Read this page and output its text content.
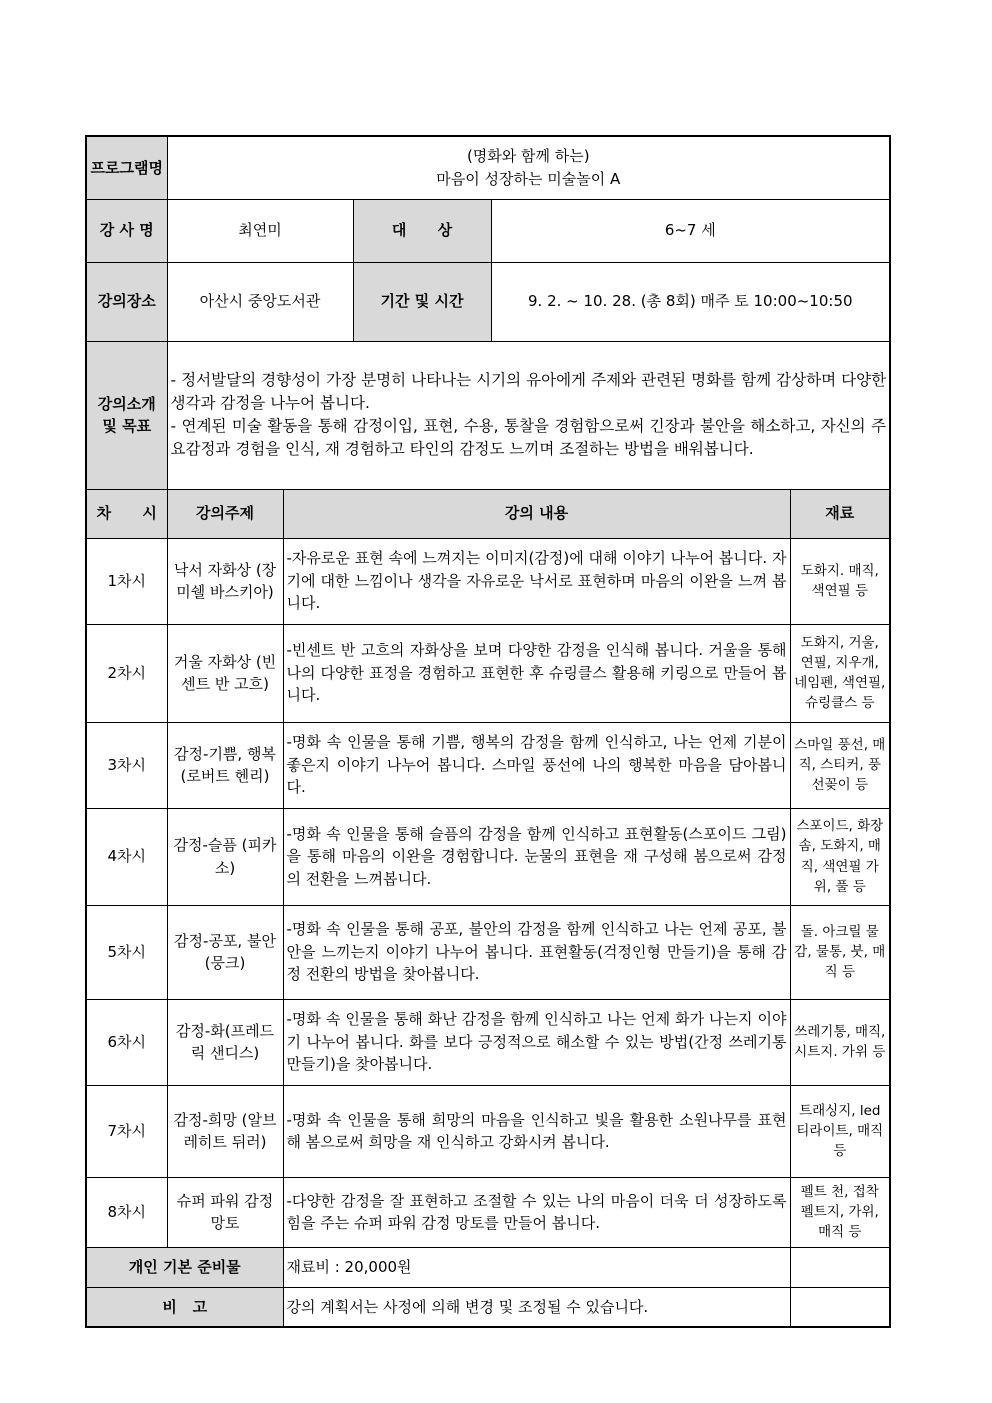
프로그램명	(명화와 함께 하는)
마음이 성장하는 미술놀이 A				

강 사 명	최연미		대      상	6~7 세	
강의장소	아산시 중앙도서관		기간 및 시간	9. 2. ~ 10. 28. (총 8회) 매주 토 10:00~10:50	
강의소개 및 목표	- 정서발달의 경향성이 가장 분명히 나타나는 시기의 유아에게 주제와 관련된 명화를 함께 감상하며 다양한 생각과 감정을 나누어 봅니다.
- 연계된 미술 활동을 통해 감정이입, 표현, 수용, 통찰을 경험함으로써 긴장과 불안을 해소하고, 자신의 주요감정과 경험을 인식, 재 경험하고 타인의 감정도 느끼며 조절하는 방법을 배워봅니다.				

차      시	강의주제	강의 내용			재료
1차시	낙서 자화상 (장 미쉘 바스키아)	-자유로운 표현 속에 느껴지는 이미지(감정)에 대해 이야기 나누어 봅니다. 자기에 대한 느낌이나 생각을 자유로운 낙서로 표현하며 마음의 이완을 느껴 봅니다.			도화지. 매직, 색연필 등
2차시	거울 자화상 (빈센트 반 고흐)	-빈센트 반 고흐의 자화상을 보며 다양한 감정을 인식해 봅니다. 거울을 통해 나의 다양한 표정을 경험하고 표현한 후 슈링클스 활용해 키링으로 만들어 봅니다.			도화지, 거울, 연필, 지우개, 네임펜, 색연필, 슈링클스 등
3차시	감정-기쁨, 행복 (로버트 헨리)	-명화 속 인물을 통해 기쁨, 행복의 감정을 함께 인식하고, 나는 언제 기분이 좋은지 이야기 나누어 봅니다. 스마일 풍선에 나의 행복한 마음을 담아봅니다.			스마일 풍선, 매직, 스티커, 풍선꽂이 등
4차시	감정-슬픔 (피카소)	-명화 속 인물을 통해 슬픔의 감정을 함께 인식하고 표현활동(스포이드 그림)을 통해 마음의 이완을 경험합니다. 눈물의 표현을 재 구성해 봄으로써 감정의 전환을 느껴봅니다.			스포이드, 화장솜, 도화지, 매직, 색연필 가위, 풀 등
5차시	감정-공포, 불안 (뭉크)	-명화 속 인물을 통해 공포, 불안의 감정을 함께 인식하고 나는 언제 공포, 불안을 느끼는지 이야기 나누어 봅니다. 표현활동(걱정인형 만들기)을 통해 감정 전환의 방법을 찾아봅니다.			돌. 아크릴 물감, 물통, 붓, 매직 등
6차시	감정-화(프레드릭 샌디스)	-명화 속 인물을 통해 화난 감정을 함께 인식하고 나는 언제 화가 나는지 이야기 나누어 봅니다. 화를 보다 긍정적으로 해소할 수 있는 방법(간정 쓰레기통 만들기)을 찾아봅니다.			쓰레기통, 매직, 시트지. 가위 등
7차시	감정-희망 (알브레히트 뒤러)	-명화 속 인물을 통해 희망의 마음을 인식하고 빛을 활용한 소원나무를 표현해 봄으로써 희망을 재 인식하고 강화시켜 봅니다.			트래싱지, led 티라이트, 매직 등
8차시	슈퍼 파워 감정 망토	-다양한 감정을 잘 표현하고 조절할 수 있는 나의 마음이 더욱 더 성장하도록 힘을 주는 슈퍼 파워 감정 망토를 만들어 봅니다.			펠트 천, 접착 펠트지, 가위, 매직 등
개인 기본 준비물		재료비 : 20,000원			
비   고		강의 계획서는 사정에 의해 변경 및 조정될 수 있습니다.			
